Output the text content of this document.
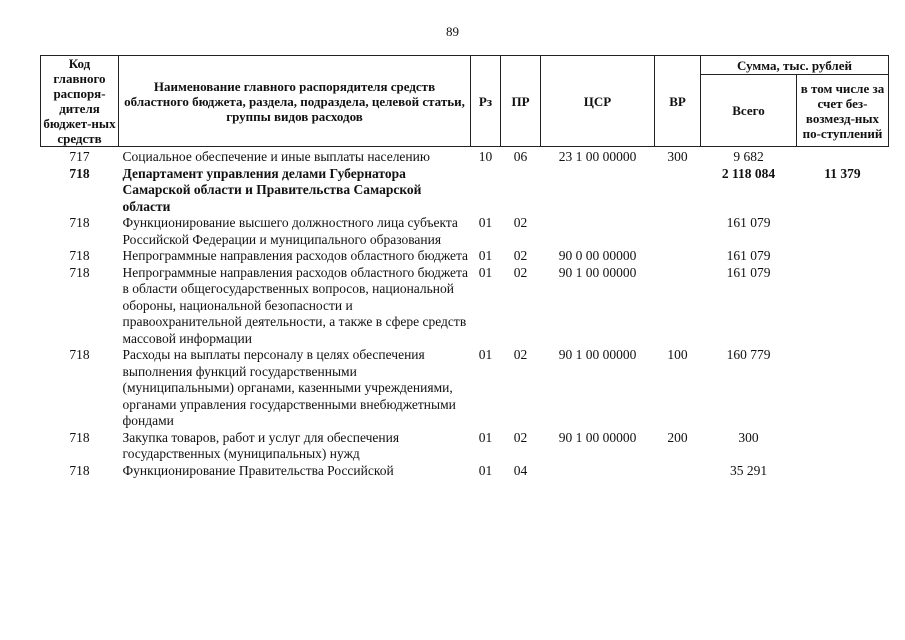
89
Код главного распоря-дителя бюджет-ных средств	Наименование главного распорядителя средств областного бюджета, раздела, подраздела, целевой статьи, группы видов расходов	Рз	ПР	ЦСР	ВР	Сумма, тыс. рублей	
						Всего	в том числе за счет без-возмезд-ных по-ступлений
717	Социальное обеспечение и иные выплаты населению	10	06	23 1 00 00000	300	9 682	
718	Департамент управления делами Губернатора Самарской области и Правительства Самарской области					2 118 084	11 379
718	Функционирование высшего должностного лица субъекта Российской Федерации и муниципального образования	01	02			161 079	
718	Непрограммные направления расходов областного бюджета	01	02	90 0 00 00000		161 079	
718	Непрограммные направления расходов областного бюджета в области общегосударственных вопросов, национальной обороны, национальной безопасности и правоохранительной деятельности, а также в сфере средств массовой информации	01	02	90 1 00 00000		161 079	
718	Расходы на выплаты персоналу в целях обеспечения выполнения функций государственными (муниципальными) органами, казенными учреждениями, органами управления государственными внебюджетными фондами	01	02	90 1 00 00000	100	160 779	
718	Закупка товаров, работ и услуг для обеспечения государственных (муниципальных) нужд	01	02	90 1 00 00000	200	300	
718	Функционирование Правительства Российской	01	04			35 291	
